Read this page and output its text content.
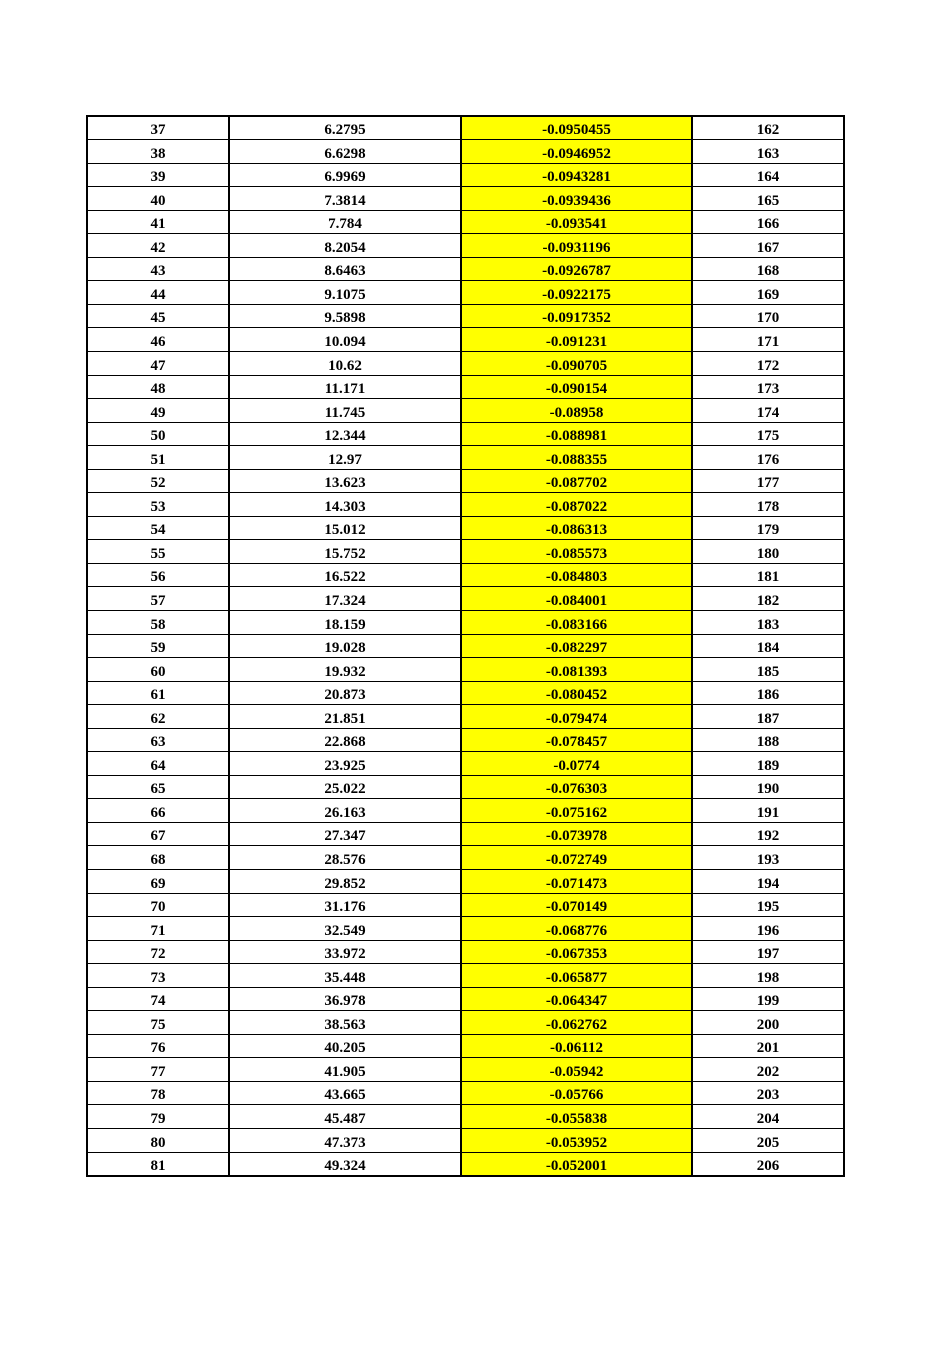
37	6.2795	-0.0950455	162
38	6.6298	-0.0946952	163
39	6.9969	-0.0943281	164
40	7.3814	-0.0939436	165
41	7.784	-0.093541	166
42	8.2054	-0.0931196	167
43	8.6463	-0.0926787	168
44	9.1075	-0.0922175	169
45	9.5898	-0.0917352	170
46	10.094	-0.091231	171
47	10.62	-0.090705	172
48	11.171	-0.090154	173
49	11.745	-0.08958	174
50	12.344	-0.088981	175
51	12.97	-0.088355	176
52	13.623	-0.087702	177
53	14.303	-0.087022	178
54	15.012	-0.086313	179
55	15.752	-0.085573	180
56	16.522	-0.084803	181
57	17.324	-0.084001	182
58	18.159	-0.083166	183
59	19.028	-0.082297	184
60	19.932	-0.081393	185
61	20.873	-0.080452	186
62	21.851	-0.079474	187
63	22.868	-0.078457	188
64	23.925	-0.0774	189
65	25.022	-0.076303	190
66	26.163	-0.075162	191
67	27.347	-0.073978	192
68	28.576	-0.072749	193
69	29.852	-0.071473	194
70	31.176	-0.070149	195
71	32.549	-0.068776	196
72	33.972	-0.067353	197
73	35.448	-0.065877	198
74	36.978	-0.064347	199
75	38.563	-0.062762	200
76	40.205	-0.06112	201
77	41.905	-0.05942	202
78	43.665	-0.05766	203
79	45.487	-0.055838	204
80	47.373	-0.053952	205
81	49.324	-0.052001	206
